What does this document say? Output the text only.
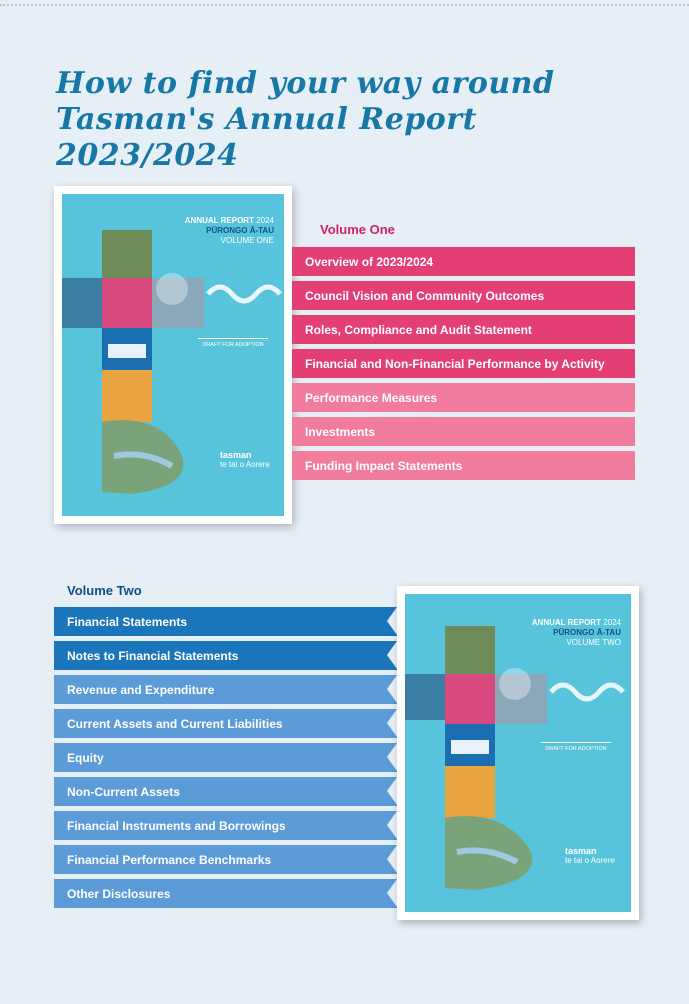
How to find your way around
Tasman's Annual Report 2023/2024
ANNUAL REPORT 2024
PŪRONGO Ā-TAU
VOLUME ONE
DRAFT FOR ADOPTION
tasman
te tai o Aorere
Volume One
Overview of 2023/2024
Council Vision and Community Outcomes
Roles, Compliance and Audit Statement
Financial and Non-Financial Performance by Activity
Performance Measures
Investments
Funding Impact Statements
Volume Two
Financial Statements
Notes to Financial Statements
Revenue and Expenditure
Current Assets and Current Liabilities
Equity
Non-Current Assets
Financial Instruments and Borrowings
Financial Performance Benchmarks
Other Disclosures
ANNUAL REPORT 2024
PŪRONGO Ā-TAU
VOLUME TWO
DRAFT FOR ADOPTION
tasman
te tai o Aorere
